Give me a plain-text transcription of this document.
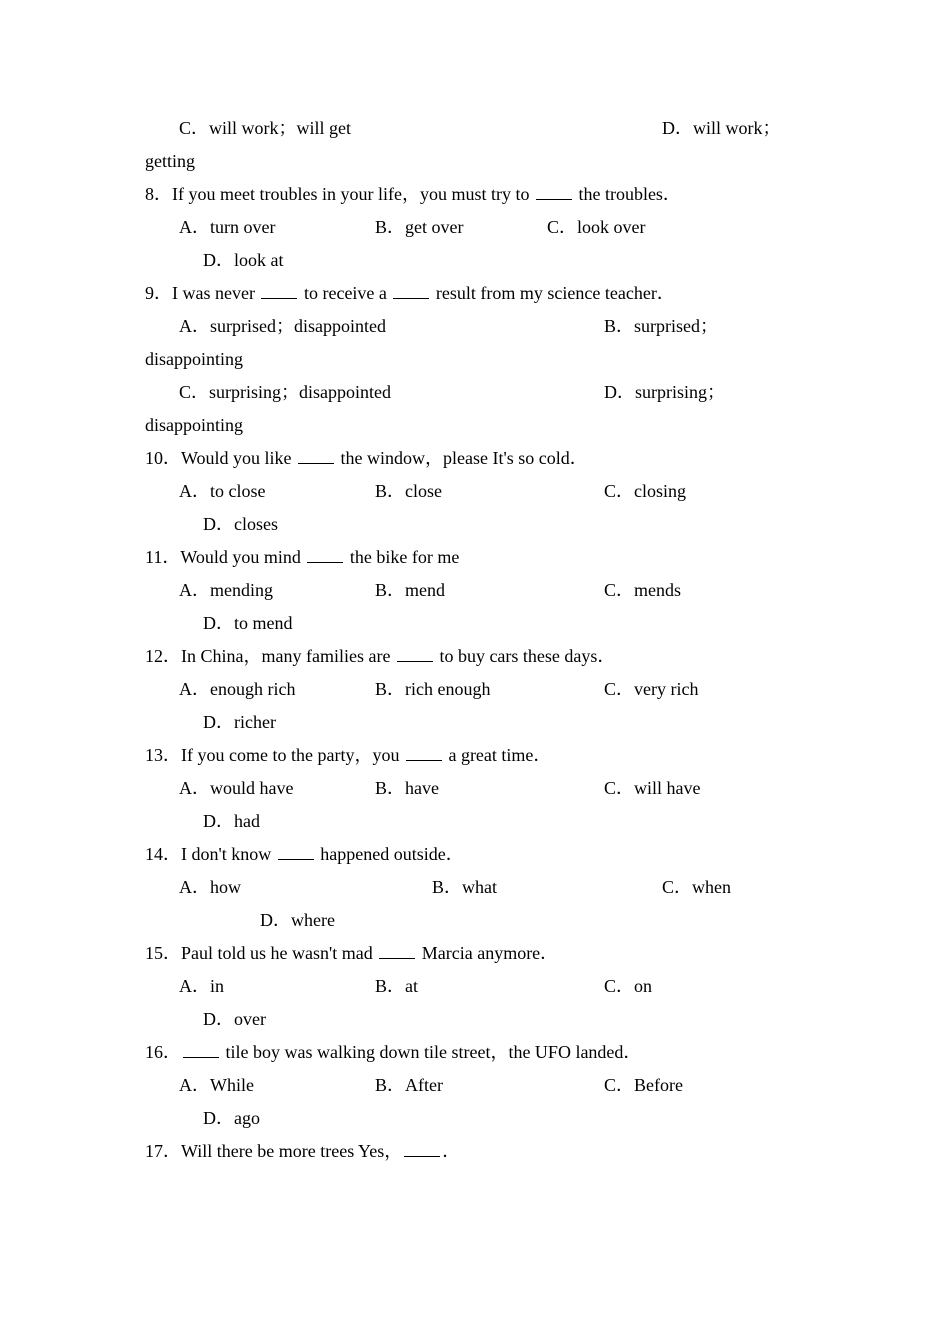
C．will work；will get	D．will work；
getting
8．If you meet troubles in your life，you must try to  the troubles．
A．turn over	B．get over	C．look over
D．look at
9．I was never  to receive a  result from my science teacher．
A．surprised；disappointed	B．surprised；
disappointing
C．surprising；disappointed	D．surprising；
disappointing
10．Would you like  the window，please It's so cold．
A．to close	B．close	C．closing
D．closes
11．Would you mind  the bike for me
A．mending	B．mend	C．mends
D．to mend
12．In China，many families are  to buy cars these days．
A．enough rich	B．rich enough	C．very rich
D．richer
13．If you come to the party，you  a great time．
A．would have	B．have	C．will have
D．had
14．I don't know  happened outside．
A．how	B．what	C．when
D．where
15．Paul told us he wasn't mad  Marcia anymore．
A．in	B．at	C．on
D．over
16． tile boy was walking down tile street，the UFO landed．
A．While	B．After	C．Before
D．ago
17．Will there be more trees Yes， ．
